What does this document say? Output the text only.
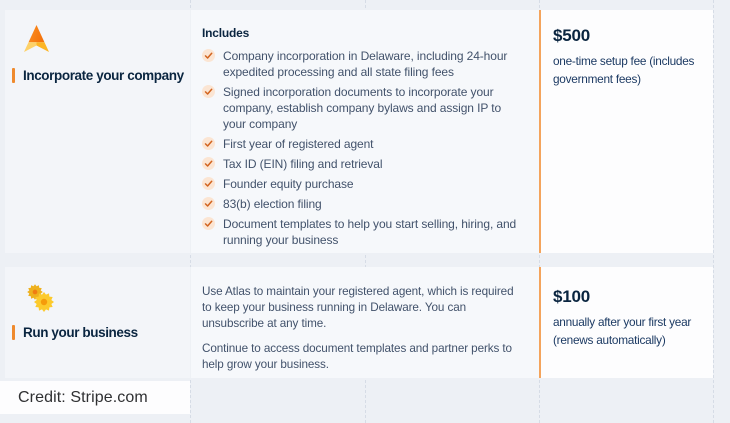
Incorporate your company
Includes
Company incorporation in Delaware, including 24-hour expedited processing and all state filing fees
Signed incorporation documents to incorporate your company, establish company bylaws and assign IP to your company
First year of registered agent
Tax ID (EIN) filing and retrieval
Founder equity purchase
83(b) election filing
Document templates to help you start selling, hiring, and running your business
$500
one-time setup fee (includes
government fees)
Run your business

Use Atlas to maintain your registered agent, which is required to keep your business running in Delaware. You can unsubscribe at any time.

Continue to access document templates and partner perks to help grow your business.

$100
annually after your first year
(renews automatically)
Credit: Stripe.com
